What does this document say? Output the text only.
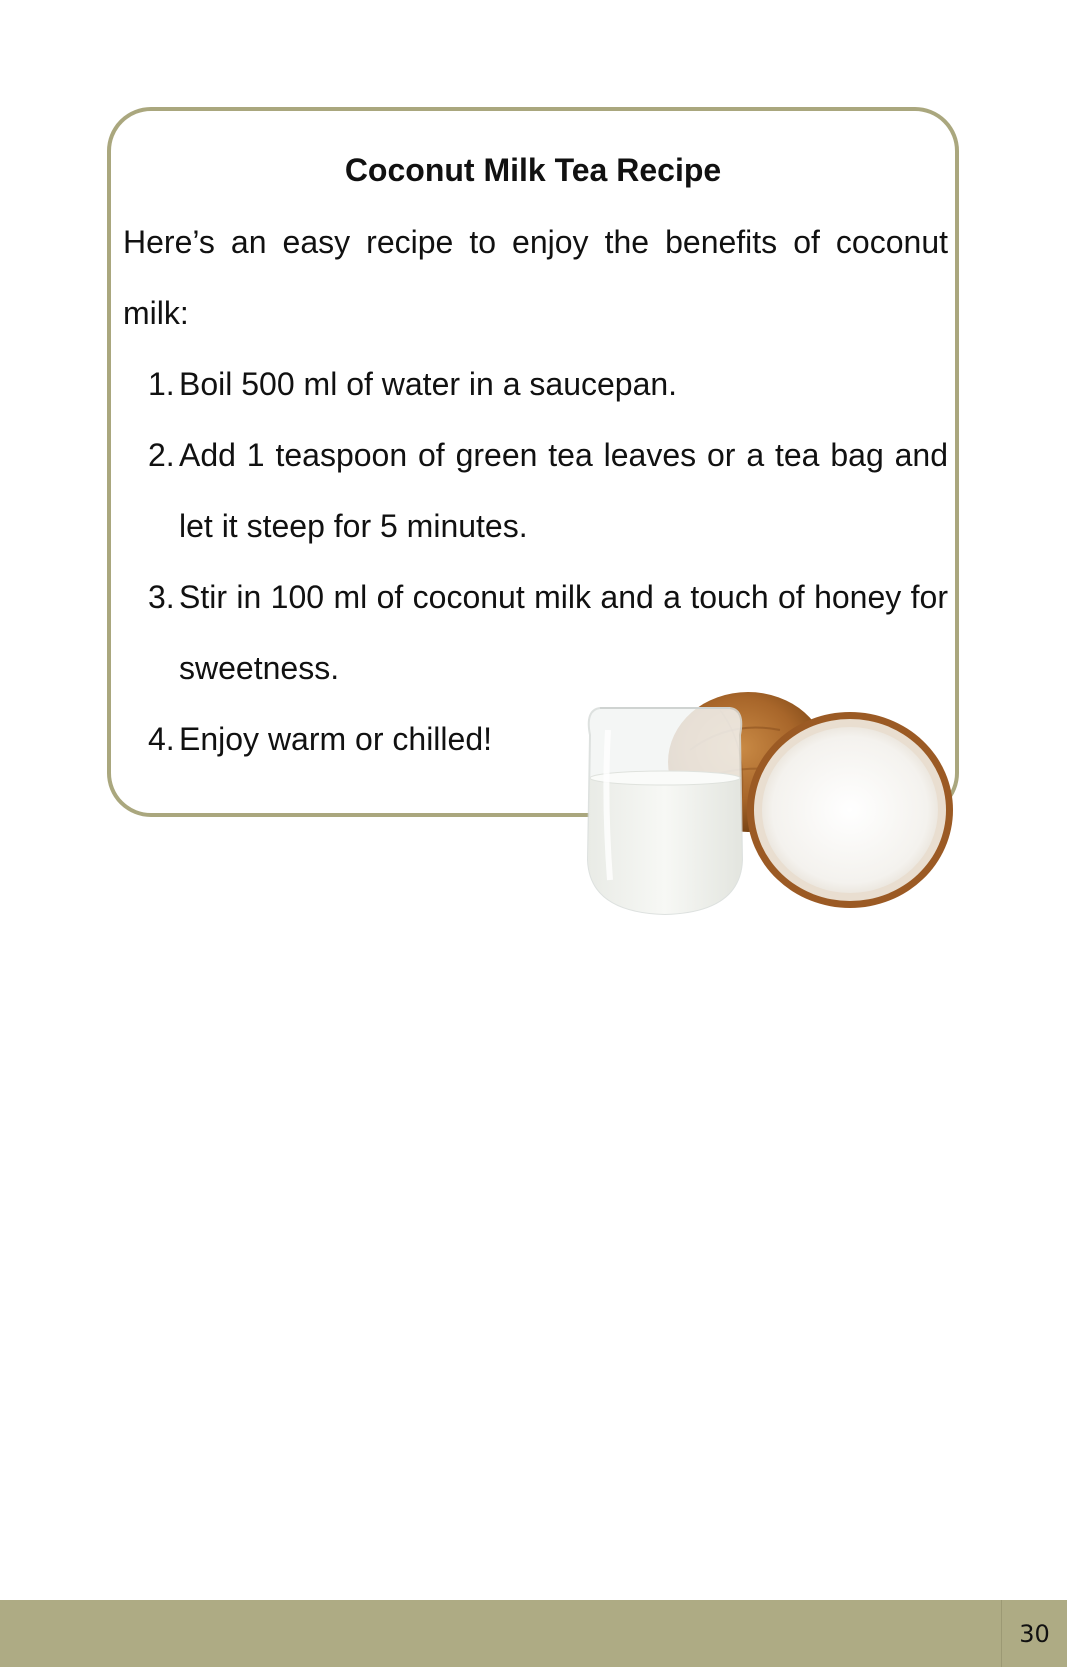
Coconut Milk Tea Recipe

Here’s an easy recipe to enjoy the benefits of coconut milk:

1. Boil 500 ml of water in a saucepan.
2. Add 1 teaspoon of green tea leaves or a tea bag and let it steep for 5 minutes.
3. Stir in 100 ml of coconut milk and a touch of honey for sweetness.
4. Enjoy warm or chilled!
30
